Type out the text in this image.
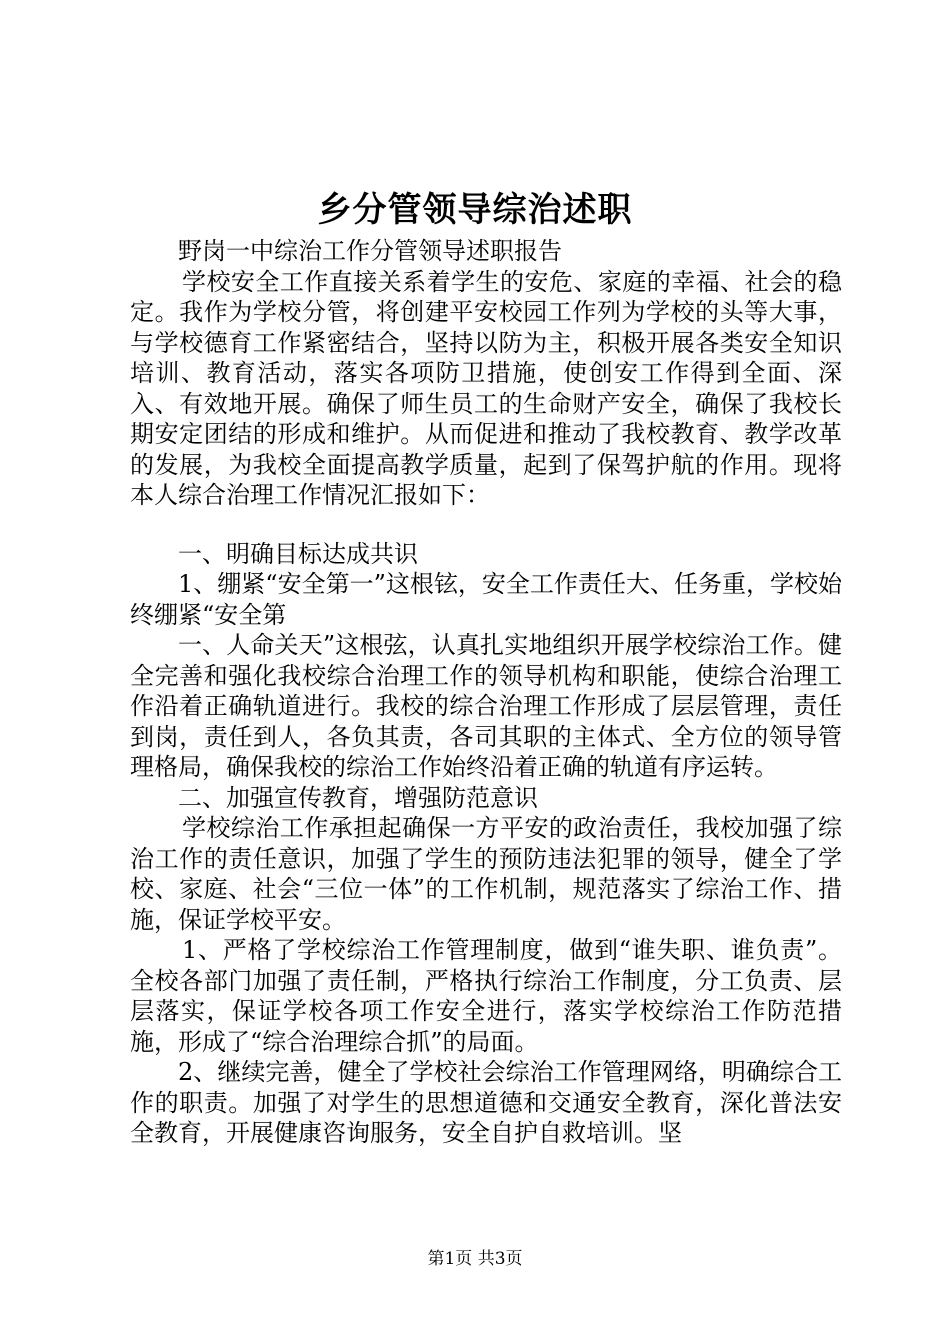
乡分管领导综治述职

野岗一中综治工作分管领导述职报告

学校安全工作直接关系着学生的安危、家庭的幸福、社会的稳定。我作为学校分管，将创建平安校园工作列为学校的头等大事，与学校德育工作紧密结合，坚持以防为主，积极开展各类安全知识培训、教育活动，落实各项防卫措施，使创安工作得到全面、深入、有效地开展。确保了师生员工的生命财产安全，确保了我校长期安定团结的形成和维护。从而促进和推动了我校教育、教学改革的发展，为我校全面提高教学质量，起到了保驾护航的作用。现将本人综合治理工作情况汇报如下：

一、明确目标达成共识

1、绷紧“安全第一”这根铉，安全工作责任大、任务重，学校始终绷紧“安全第

一、人命关天”这根弦，认真扎实地组织开展学校综治工作。健全完善和强化我校综合治理工作的领导机构和职能，使综合治理工作沿着正确轨道进行。我校的综合治理工作形成了层层管理，责任到岗，责任到人，各负其责，各司其职的主体式、全方位的领导管理格局，确保我校的综治工作始终沿着正确的轨道有序运转。

二、加强宣传教育，增强防范意识

学校综治工作承担起确保一方平安的政治责任，我校加强了综治工作的责任意识，加强了学生的预防违法犯罪的领导，健全了学校、家庭、社会“三位一体”的工作机制，规范落实了综治工作、措施，保证学校平安。

1、严格了学校综治工作管理制度，做到“谁失职、谁负责”。全校各部门加强了责任制，严格执行综治工作制度，分工负责、层层落实，保证学校各项工作安全进行，落实学校综治工作防范措施，形成了“综合治理综合抓”的局面。

2、继续完善，健全了学校社会综治工作管理网络，明确综合工作的职责。加强了对学生的思想道德和交通安全教育，深化普法安全教育，开展健康咨询服务，安全自护自救培训。坚

第1页 共3页
